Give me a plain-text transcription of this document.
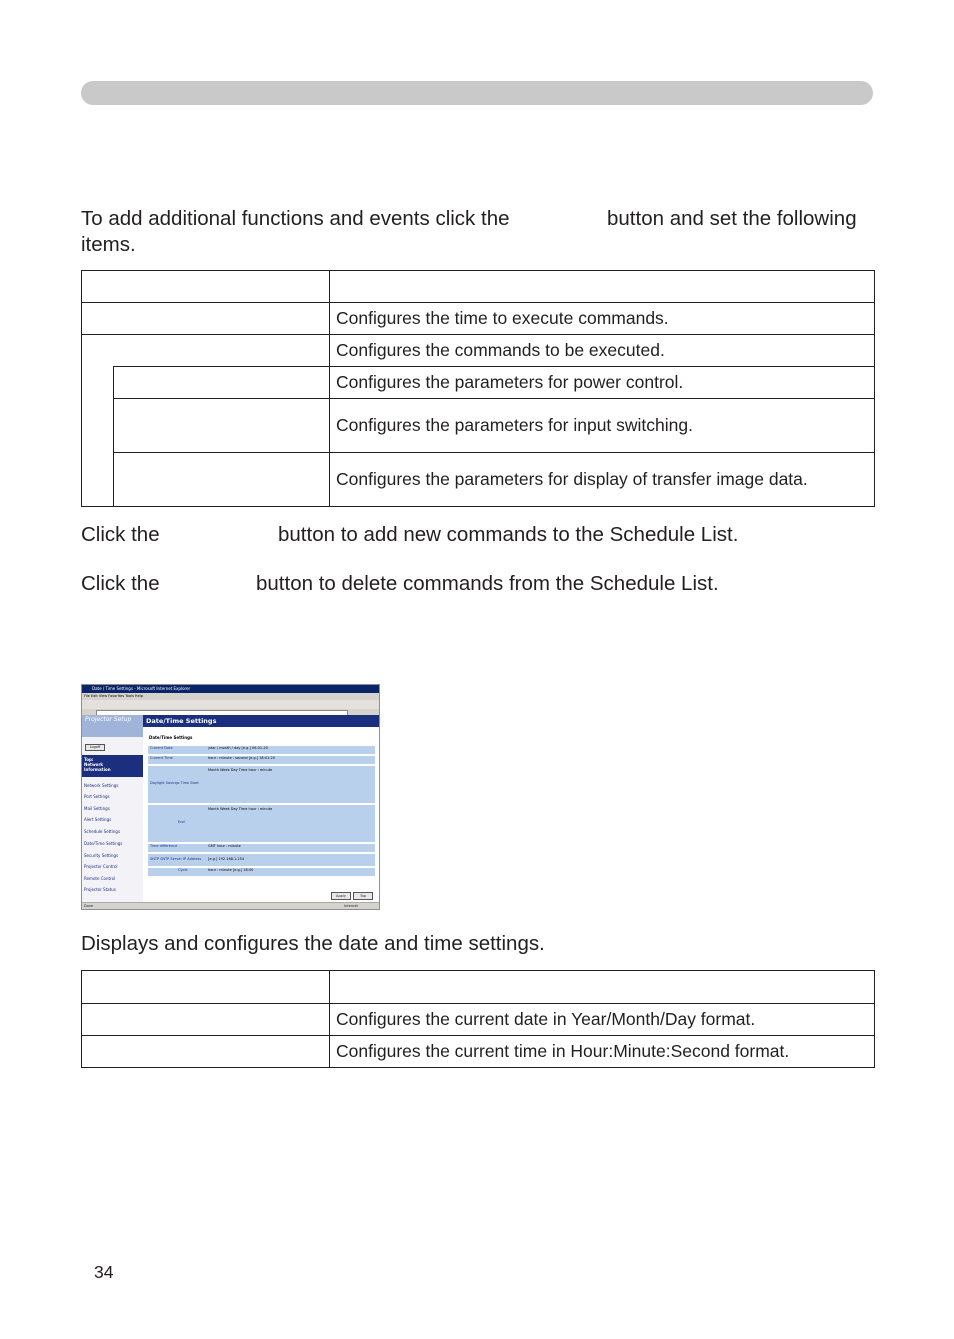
To add additional functions and events click the	button and set the following
items.

		Configures the time to execute commands.
		Configures the commands to be executed.
		Configures the parameters for power control.
		Configures the parameters for input switching.
		Configures the parameters for display of transfer image data.
Click the	button to add new commands to the Schedule List.
Click the	button to delete commands from the Schedule List.
Date / Time Settings - Microsoft Internet Explorer
File Edit View Favorites Tools Help
Projector Setup
Logoff
Top:
Network
Information
Network Settings
Port Settings
Mail Settings
Alert Settings
Schedule Settings
Date/Time Settings
Security Settings
Projector Control
Remote Control
Projector Status
Date/Time Settings
Date/Time Settings
Current Date	year / month / day [e.g.] 06-01-20
Current Time	hour : minute : second [e.g.] 18:01:20
Daylight Savings Time Start
Month Week Day Time hour : minute
End
Month Week Day Time hour : minute
Time difference	GMT hour : minute
SNTP SNTP Server IP Address [e.g.] 192.168.1.254
Cycle	hour : minute [e.g.] 18:00
Apply	Top
Done	Internet
Displays and configures the date and time settings.

	Configures the current date in Year/Month/Day format.
	Configures the current time in Hour:Minute:Second format.
34
